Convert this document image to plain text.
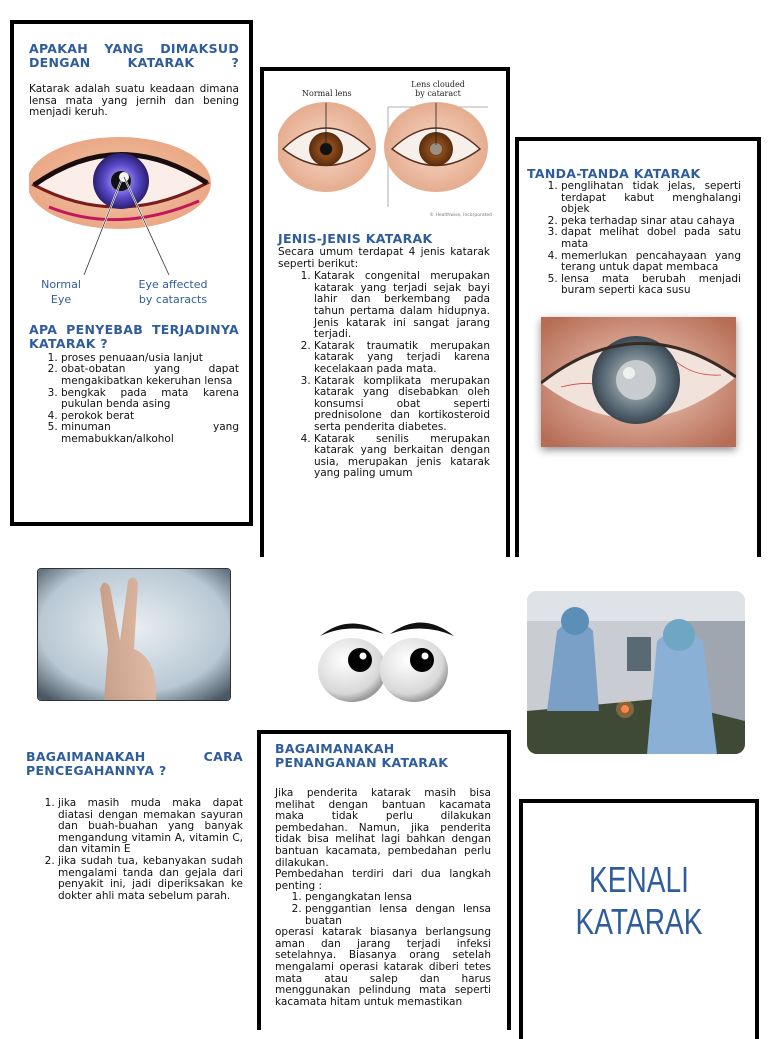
APAKAH YANG DIMAKSUD DENGAN KATARAK ?

Katarak adalah suatu keadaan dimana lensa mata yang jernih dan bening menjadi keruh.

Normal Eye
Eye affected by cataracts

APA PENYEBAB TERJADINYA KATARAK ?

1. proses penuaan/usia lanjut
2. obat-obatan yang dapat mengakibatkan kekeruhan lensa
3. bengkak pada mata karena pukulan benda asing
4. perokok berat
5. minuman yang memabukkan/alkohol
Normal lens
Lens clouded by cataract
© Healthwise, Incorporated

JENIS-JENIS KATARAK

Secara umum terdapat 4 jenis katarak seperti berikut:

1. Katarak congenital merupakan katarak yang terjadi sejak bayi lahir dan berkembang pada tahun pertama dalam hidupnya. Jenis katarak ini sangat jarang terjadi.
2. Katarak traumatik merupakan katarak yang terjadi karena kecelakaan pada mata.
3. Katarak komplikata merupakan katarak yang disebabkan oleh konsumsi obat seperti prednisolone dan kortikosteroid serta penderita diabetes.
4. Katarak senilis merupakan katarak yang berkaitan dengan usia, merupakan jenis katarak yang paling umum

TANDA-TANDA KATARAK

1. penglihatan tidak jelas, seperti terdapat kabut menghalangi objek
2. peka terhadap sinar atau cahaya
3. dapat melihat dobel pada satu mata
4. memerlukan pencahayaan yang terang untuk dapat membaca
5. lensa mata berubah menjadi buram seperti kaca susu

BAGAIMANAKAH CARA PENCEGAHANNYA ?

1. jika masih muda maka dapat diatasi dengan memakan sayuran dan buah-buahan yang banyak mengandung vitamin A, vitamin C, dan vitamin E
2. jika sudah tua, kebanyakan sudah mengalami tanda dan gejala dari penyakit ini, jadi diperiksakan ke dokter ahli mata sebelum parah.

BAGAIMANAKAH PENANGANAN KATARAK

Jika penderita katarak masih bisa melihat dengan bantuan kacamata maka tidak perlu dilakukan pembedahan. Namun, jika penderita tidak bisa melihat lagi bahkan dengan bantuan kacamata, pembedahan perlu dilakukan.

Pembedahan terdiri dari dua langkah penting :

1. pengangkatan lensa
2. penggantian lensa dengan lensa buatan

operasi katarak biasanya berlangsung aman dan jarang terjadi infeksi setelahnya. Biasanya orang setelah mengalami operasi katarak diberi tetes mata atau salep dan harus menggunakan pelindung mata seperti kacamata hitam untuk memastikan

KENALI KATARAK
